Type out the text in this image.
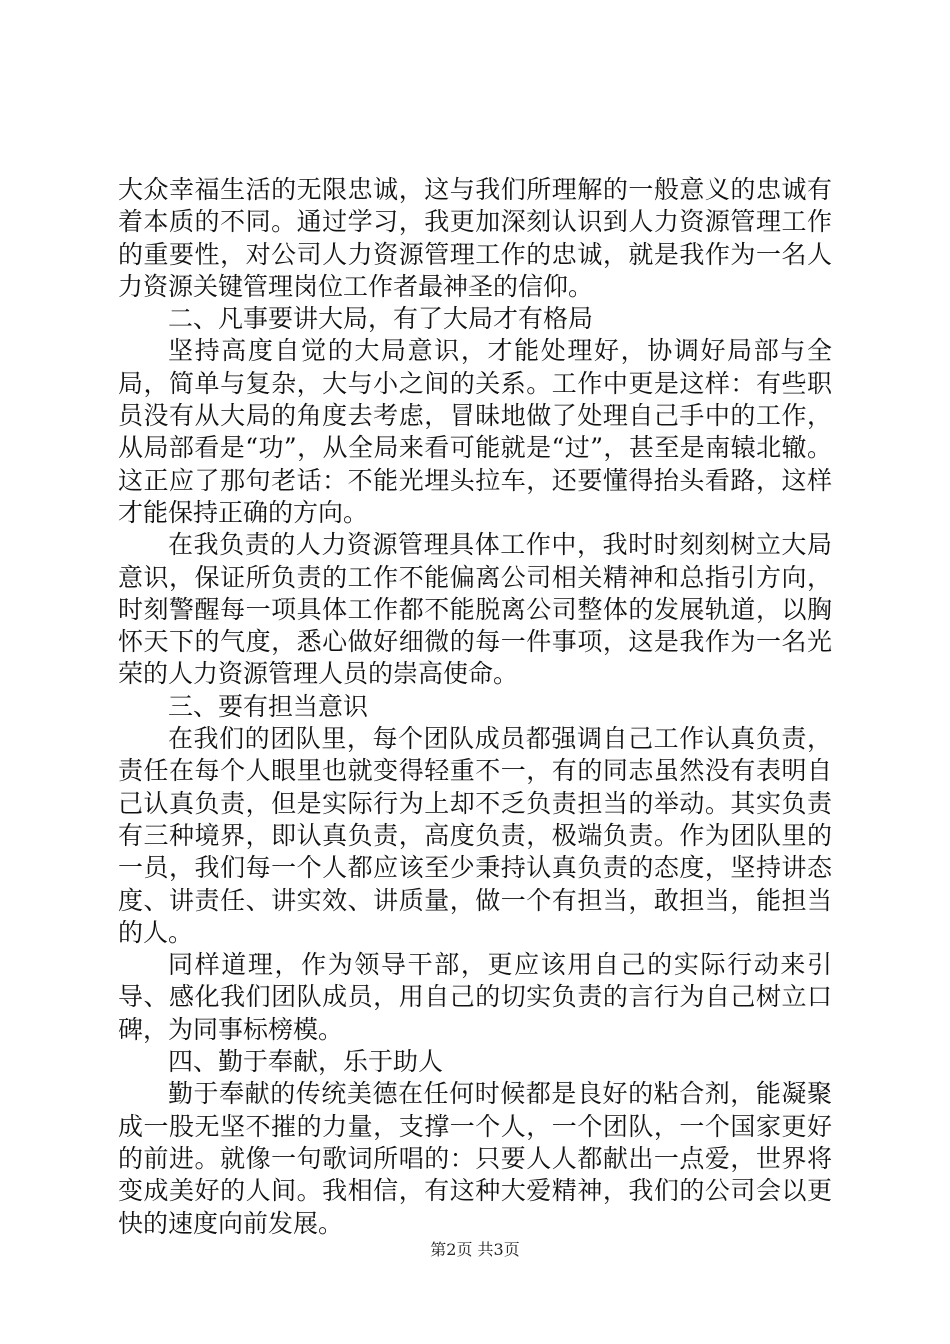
大众幸福生活的无限忠诚，这与我们所理解的一般意义的忠诚有着本质的不同。通过学习，我更加深刻认识到人力资源管理工作的重要性，对公司人力资源管理工作的忠诚，就是我作为一名人力资源关键管理岗位工作者最神圣的信仰。

二、凡事要讲大局，有了大局才有格局

坚持高度自觉的大局意识，才能处理好，协调好局部与全局，简单与复杂，大与小之间的关系。工作中更是这样：有些职员没有从大局的角度去考虑，冒昧地做了处理自己手中的工作，从局部看是“功”，从全局来看可能就是“过”，甚至是南辕北辙。这正应了那句老话：不能光埋头拉车，还要懂得抬头看路，这样才能保持正确的方向。

在我负责的人力资源管理具体工作中，我时时刻刻树立大局意识，保证所负责的工作不能偏离公司相关精神和总指引方向，时刻警醒每一项具体工作都不能脱离公司整体的发展轨道，以胸怀天下的气度，悉心做好细微的每一件事项，这是我作为一名光荣的人力资源管理人员的崇高使命。

三、要有担当意识

在我们的团队里，每个团队成员都强调自己工作认真负责，责任在每个人眼里也就变得轻重不一，有的同志虽然没有表明自己认真负责，但是实际行为上却不乏负责担当的举动。其实负责有三种境界，即认真负责，高度负责，极端负责。作为团队里的一员，我们每一个人都应该至少秉持认真负责的态度，坚持讲态度、讲责任、讲实效、讲质量，做一个有担当，敢担当，能担当的人。

同样道理，作为领导干部，更应该用自己的实际行动来引导、感化我们团队成员，用自己的切实负责的言行为自己树立口碑，为同事标榜模。

四、勤于奉献，乐于助人

勤于奉献的传统美德在任何时候都是良好的粘合剂，能凝聚成一股无坚不摧的力量，支撑一个人，一个团队，一个国家更好的前进。就像一句歌词所唱的：只要人人都献出一点爱，世界将变成美好的人间。我相信，有这种大爱精神，我们的公司会以更快的速度向前发展。

第2页 共3页
